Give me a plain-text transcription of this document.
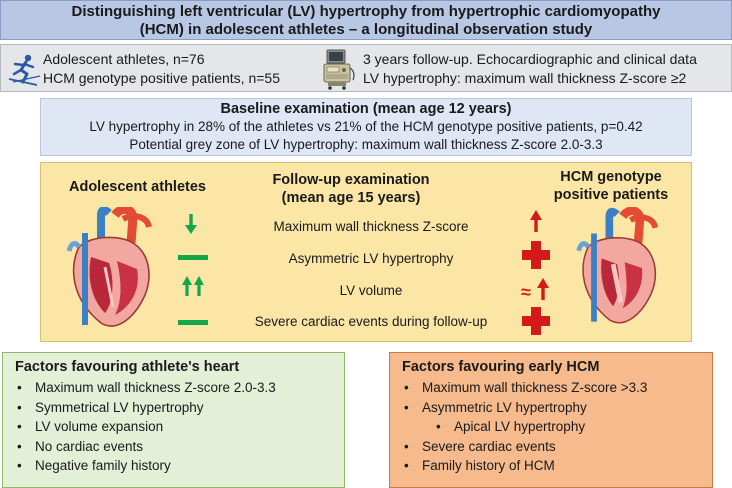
Distinguishing left ventricular (LV) hypertrophy from hypertrophic cardiomyopathy
(HCM) in adolescent athletes – a longitudinal observation study
Adolescent athletes, n=76
HCM genotype positive patients, n=55
3 years follow-up. Echocardiographic and clinical data
LV hypertrophy: maximum wall thickness Z-score ≥2
Baseline examination (mean age 12 years)
LV hypertrophy in 28% of the athletes vs 21% of the HCM genotype positive patients, p=0.42
Potential grey zone of LV hypertrophy: maximum wall thickness Z-score 2.0-3.3
Adolescent athletes	Follow-up examination
(mean age 15 years)
HCM genotype
positive patients
Maximum wall thickness Z-score
Asymmetric LV hypertrophy
LV volume
Severe cardiac events during follow-up
≈
Factors favouring athlete's heart
• Maximum wall thickness Z-score 2.0-3.3
• Symmetrical LV hypertrophy
• LV volume expansion
• No cardiac events
• Negative family history
Factors favouring early HCM
• Maximum wall thickness Z-score >3.3
• Asymmetric LV hypertrophy
• Apical LV hypertrophy
• Severe cardiac events
• Family history of HCM
